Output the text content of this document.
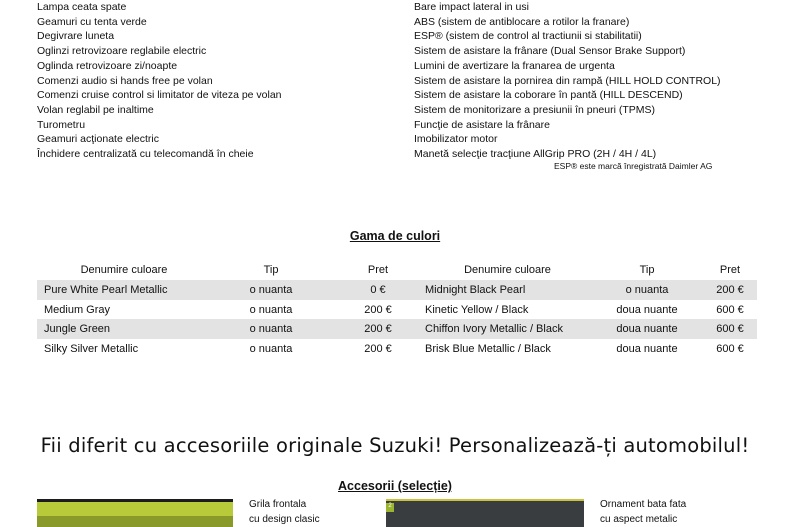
Lampa ceata spate
Geamuri cu tenta verde
Degivrare luneta
Oglinzi retrovizoare reglabile electric
Oglinda retrovizoare zi/noapte
Comenzi audio si hands free pe volan
Comenzi cruise control si limitator de viteza pe volan
Volan reglabil pe inaltime
Turometru
Geamuri acţionate electric
Închidere centralizată cu telecomandă în cheie
Bare impact lateral in usi
ABS (sistem de antiblocare a rotilor la franare)
ESP® (sistem de control al tractiunii si stabilitatii)
Sistem de asistare la frânare (Dual Sensor Brake Support)
Lumini de avertizare la franarea de urgenta
Sistem de asistare la pornirea din rampă (HILL HOLD CONTROL)
Sistem de asistare la coborare în pantă (HILL DESCEND)
Sistem de monitorizare a presiunii în pneuri (TPMS)
Funcţie de asistare la frânare
Imobilizator motor
Manetă selecţie tracţiune AllGrip PRO (2H / 4H / 4L)
ESP® este marcă înregistrată Daimler AG
Gama de culori
Denumire culoare	Tip	Pret	Denumire culoare	Tip	Pret
Pure White Pearl Metallic	o nuanta	0 €	Midnight Black Pearl	o nuanta	200 €
Medium Gray	o nuanta	200 €	Kinetic Yellow / Black	doua nuante	600 €
Jungle Green	o nuanta	200 €	Chiffon Ivory Metallic / Black	doua nuante	600 €
Silky Silver Metallic	o nuanta	200 €	Brisk Blue Metallic / Black	doua nuante	600 €
Fii diferit cu accesoriile originale Suzuki! Personalizează-ți automobilul!
Accesorii (selecție)
Grila frontala
cu design clasic
2	Ornament bata fata
cu aspect metalic
